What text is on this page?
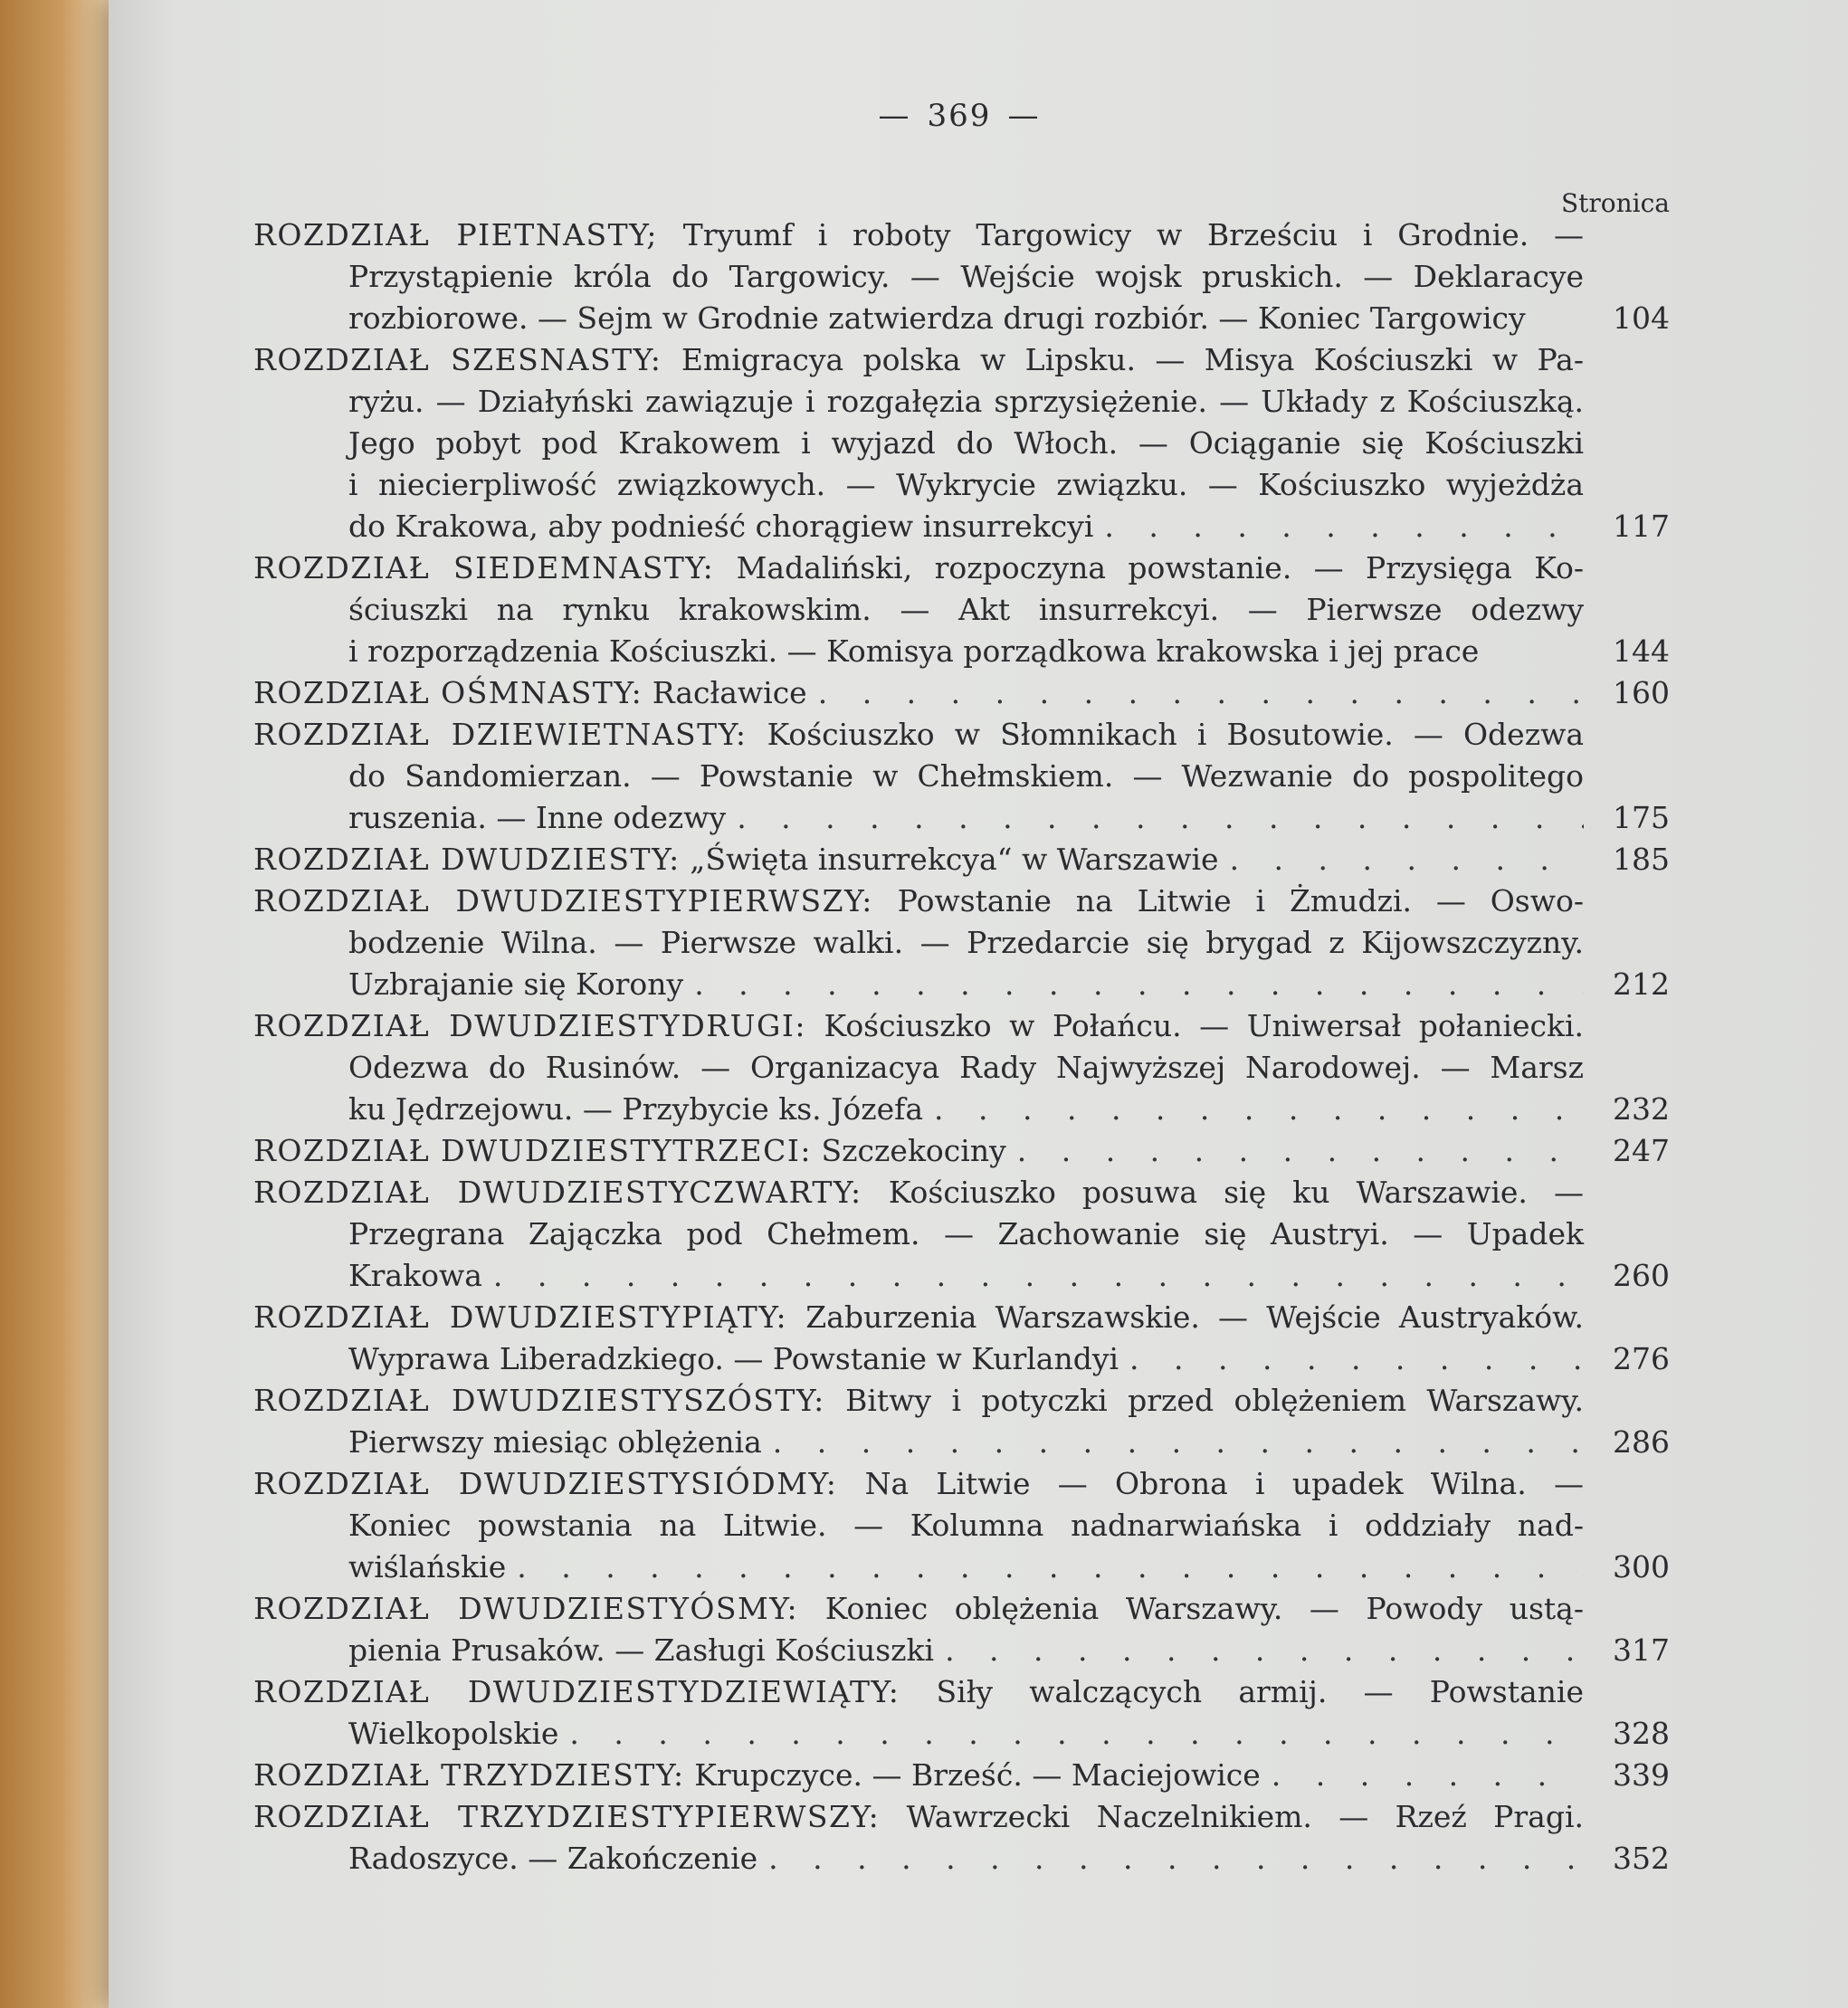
— 369 —
Stronica
ROZDZIAŁ PIETNASTY; Tryumf i roboty Targowicy w Brześciu i Grodnie. —
Przystąpienie króla do Targowicy. — Wejście wojsk pruskich. — Deklaracye
rozbiorowe. — Sejm w Grodnie zatwierdza drugi rozbiór. — Koniec Targowicy	104
ROZDZIAŁ SZESNASTY: Emigracya polska w Lipsku. — Misya Kościuszki w Pa-
ryżu. — Działyński zawiązuje i rozgałęzia sprzysiężenie. — Układy z Kościuszką.
Jego pobyt pod Krakowem i wyjazd do Włoch. — Ociąganie się Kościuszki
i niecierpliwość związkowych. — Wykrycie związku. — Kościuszko wyjeżdża
do Krakowa, aby podnieść chorągiew insurrekcyi . . .	117
ROZDZIAŁ SIEDEMNASTY: Madaliński, rozpoczyna powstanie. — Przysięga Ko-
ściuszki na rynku krakowskim. — Akt insurrekcyi. — Pierwsze odezwy
i rozporządzenia Kościuszki. — Komisya porządkowa krakowska i jej prace	144
ROZDZIAŁ OŚMNASTY: Racławice . . .	160
ROZDZIAŁ DZIEWIETNASTY: Kościuszko w Słomnikach i Bosutowie. — Odezwa
do Sandomierzan. — Powstanie w Chełmskiem. — Wezwanie do pospolitego
ruszenia. — Inne odezwy . . .	175
ROZDZIAŁ DWUDZIESTY: „Święta insurrekcya“ w Warszawie . . .	185
ROZDZIAŁ DWUDZIESTYPIERWSZY: Powstanie na Litwie i Żmudzi. — Oswo-
bodzenie Wilna. — Pierwsze walki. — Przedarcie się brygad z Kijowszczyzny.
Uzbrajanie się Korony . . .	212
ROZDZIAŁ DWUDZIESTYDRUGI: Kościuszko w Połańcu. — Uniwersał połaniecki.
Odezwa do Rusinów. — Organizacya Rady Najwyższej Narodowej. — Marsz
ku Jędrzejowu. — Przybycie ks. Józefa . . .	232
ROZDZIAŁ DWUDZIESTYTRZECI: Szczekociny . . .	247
ROZDZIAŁ DWUDZIESTYCZWARTY: Kościuszko posuwa się ku Warszawie. —
Przegrana Zajączka pod Chełmem. — Zachowanie się Austryi. — Upadek
Krakowa . . .	260
ROZDZIAŁ DWUDZIESTYPIĄTY: Zaburzenia Warszawskie. — Wejście Austryaków.
Wyprawa Liberadzkiego. — Powstanie w Kurlandyi . . .	276
ROZDZIAŁ DWUDZIESTYSZÓSTY: Bitwy i potyczki przed oblężeniem Warszawy.
Pierwszy miesiąc oblężenia . . .	286
ROZDZIAŁ DWUDZIESTYSIÓDMY: Na Litwie — Obrona i upadek Wilna. —
Koniec powstania na Litwie. — Kolumna nadnarwiańska i oddziały nad-
wiślańskie . . .	300
ROZDZIAŁ DWUDZIESTYÓSMY: Koniec oblężenia Warszawy. — Powody ustą-
pienia Prusaków. — Zasługi Kościuszki . . .	317
ROZDZIAŁ DWUDZIESTYDZIEWIĄTY: Siły walczących armij. — Powstanie
Wielkopolskie . . .	328
ROZDZIAŁ TRZYDZIESTY: Krupczyce. — Brześć. — Maciejowice . . .	339
ROZDZIAŁ TRZYDZIESTYPIERWSZY: Wawrzecki Naczelnikiem. — Rzeź Pragi.
Radoszyce. — Zakończenie . . .	352
